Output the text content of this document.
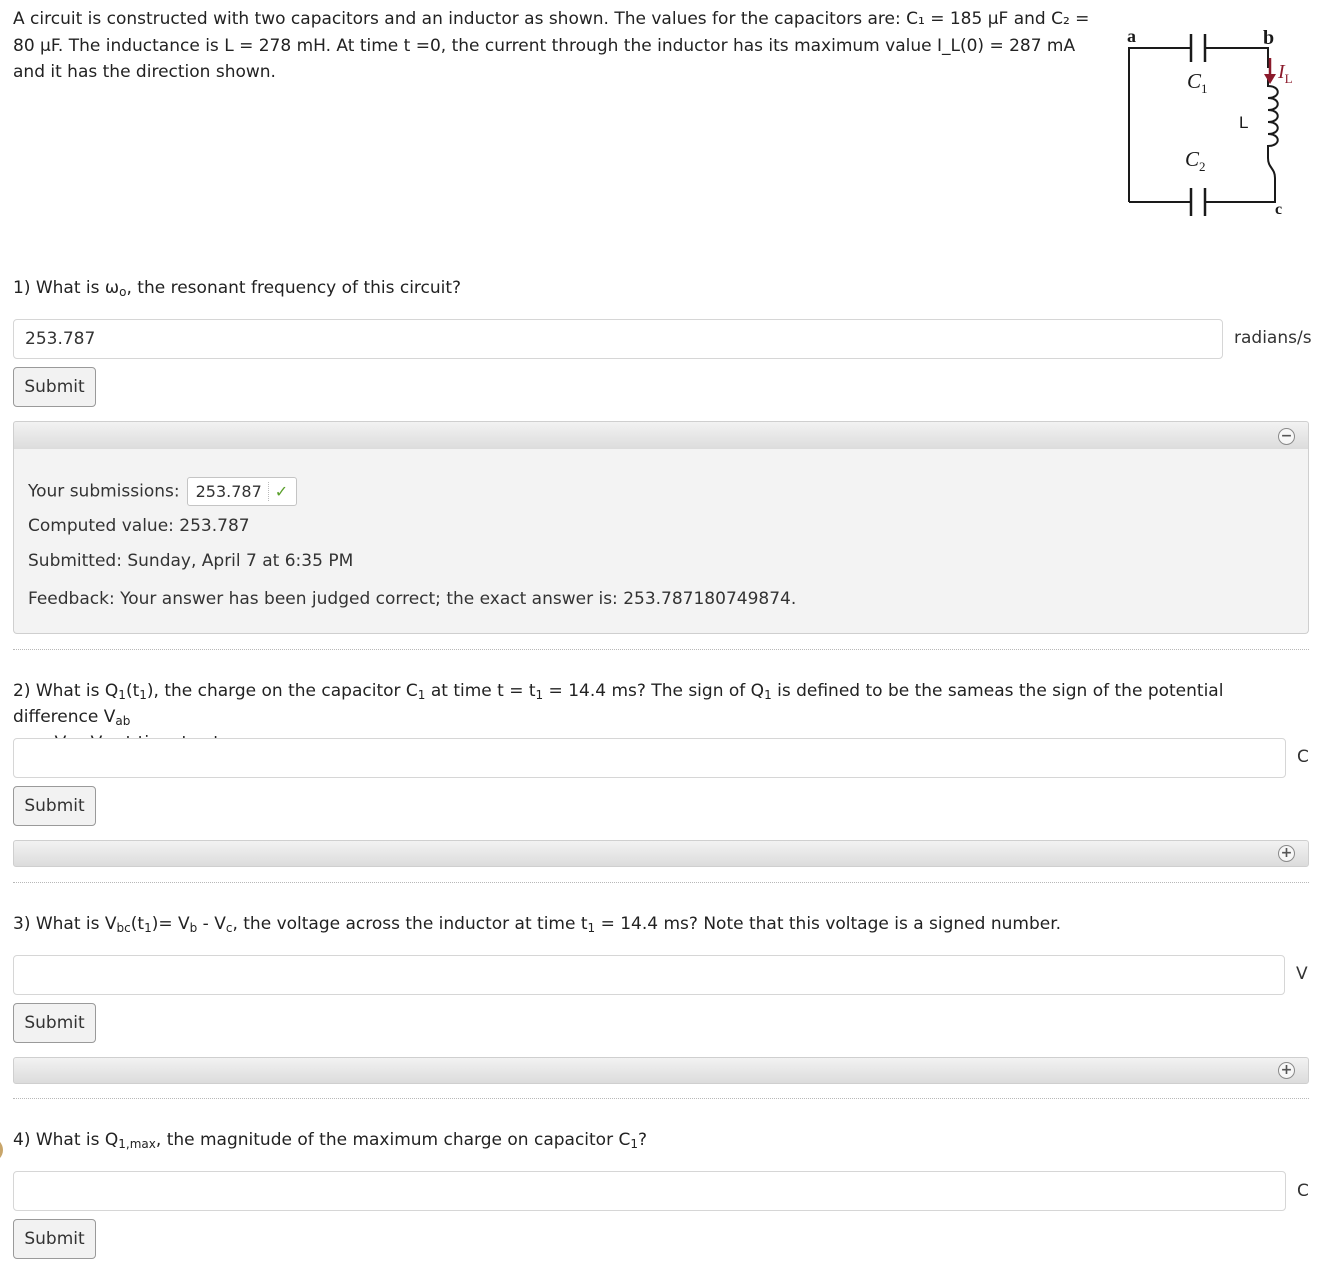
A circuit is constructed with two capacitors and an inductor as shown. The values for the capacitors are: C₁ = 185 μF and C₂ = 80 μF. The inductance is L = 278 mH. At time t =0, the current through the inductor has its maximum value I_L(0) = 287 mA and it has the direction shown.
a	b
c
$C_1$
$C_2$
L
$I_L$
1) What is $\omega_o$, the resonant frequency of this circuit?
253.787
radians/s
Submit
−
Your submissions: 253.787 ✓
Computed value: 253.787
Submitted: Sunday, April 7 at 6:35 PM
Feedback: Your answer has been judged correct; the exact answer is: 253.787180749874.
2) What is $Q_1(t_1)$, the charge on the capacitor $C_1$ at time $t = t_1 = 14.4$ ms? The sign of $Q_1$ is defined to be the sameas the sign of the potential difference $V_{ab}$

C
Submit
+
3) What is $V_{bc}(t_1)= V_b - V_c$, the voltage across the inductor at time $t_1 = 14.4$ ms? Note that this voltage is a signed number.
V
Submit
+
4) What is $Q_{1,max}$, the magnitude of the maximum charge on capacitor $C_1$?
C
Submit
